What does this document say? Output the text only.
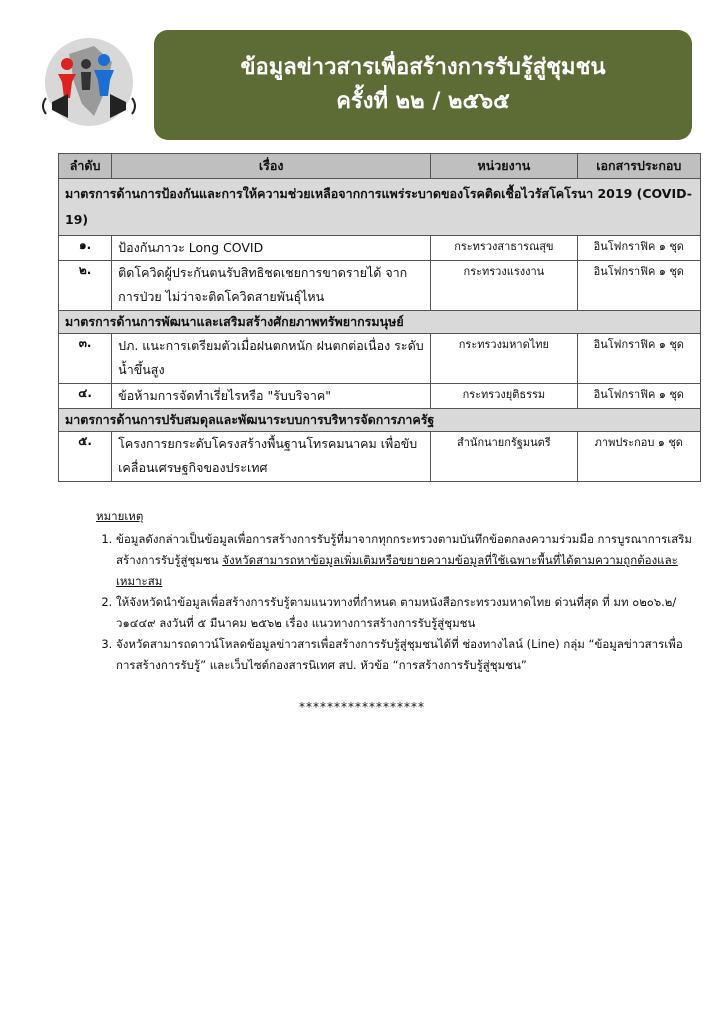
ข้อมูลข่าวสารเพื่อสร้างการรับรู้สู่ชุมชน
ครั้งที่ ๒๒ / ๒๕๖๕
ลำดับ	เรื่อง	หน่วยงาน	เอกสารประกอบ
มาตรการด้านการป้องกันและการให้ความช่วยเหลือจากการแพร่ระบาดของโรคติดเชื้อไวรัสโคโรนา 2019 (COVID-19)			
๑.	ป้องกันภาวะ Long COVID	กระทรวงสาธารณสุข	อินโฟกราฟิค ๑ ชุด
๒.	ติดโควิดผู้ประกันตนรับสิทธิชดเชยการขาดรายได้ จากการป่วย ไม่ว่าจะติดโควิดสายพันธุ์ไหน	กระทรวงแรงงาน	อินโฟกราฟิค ๑ ชุด
มาตรการด้านการพัฒนาและเสริมสร้างศักยภาพทรัพยากรมนุษย์			
๓.	ปภ. แนะการเตรียมตัวเมื่อฝนตกหนัก ฝนตกต่อเนื่อง ระดับน้ำขึ้นสูง	กระทรวงมหาดไทย	อินโฟกราฟิค ๑ ชุด
๔.	ข้อห้ามการจัดทำเรี่ยไรหรือ "รับบริจาค"	กระทรวงยุติธรรม	อินโฟกราฟิค ๑ ชุด
มาตรการด้านการปรับสมดุลและพัฒนาระบบการบริหารจัดการภาครัฐ			
๕.	โครงการยกระดับโครงสร้างพื้นฐานโทรคมนาคม เพื่อขับเคลื่อนเศรษฐกิจของประเทศ	สำนักนายกรัฐมนตรี	ภาพประกอบ ๑ ชุด
หมายเหตุ
1. ข้อมูลดังกล่าวเป็นข้อมูลเพื่อการสร้างการรับรู้ที่มาจากทุกกระทรวงตามบันทึกข้อตกลงความร่วมมือ การบูรณาการเสริมสร้างการรับรู้สู่ชุมชน จังหวัดสามารถหาข้อมูลเพิ่มเติมหรือขยายความข้อมูลที่ใช้เฉพาะพื้นที่ได้ตามความถูกต้องและเหมาะสม
2. ให้จังหวัดนำข้อมูลเพื่อสร้างการรับรู้ตามแนวทางที่กำหนด ตามหนังสือกระทรวงมหาดไทย ด่วนที่สุด ที่ มท ๐๒๐๖.๒/ว๑๔๔๙ ลงวันที่ ๕ มีนาคม ๒๕๖๒ เรื่อง แนวทางการสร้างการรับรู้สู่ชุมชน
3. จังหวัดสามารถดาวน์โหลดข้อมูลข่าวสารเพื่อสร้างการรับรู้สู่ชุมชนได้ที่ ช่องทางไลน์ (Line) กลุ่ม “ข้อมูลข่าวสารเพื่อการสร้างการรับรู้” และเว็บไซต์กองสารนิเทศ สป. หัวข้อ “การสร้างการรับรู้สู่ชุมชน”
******************
